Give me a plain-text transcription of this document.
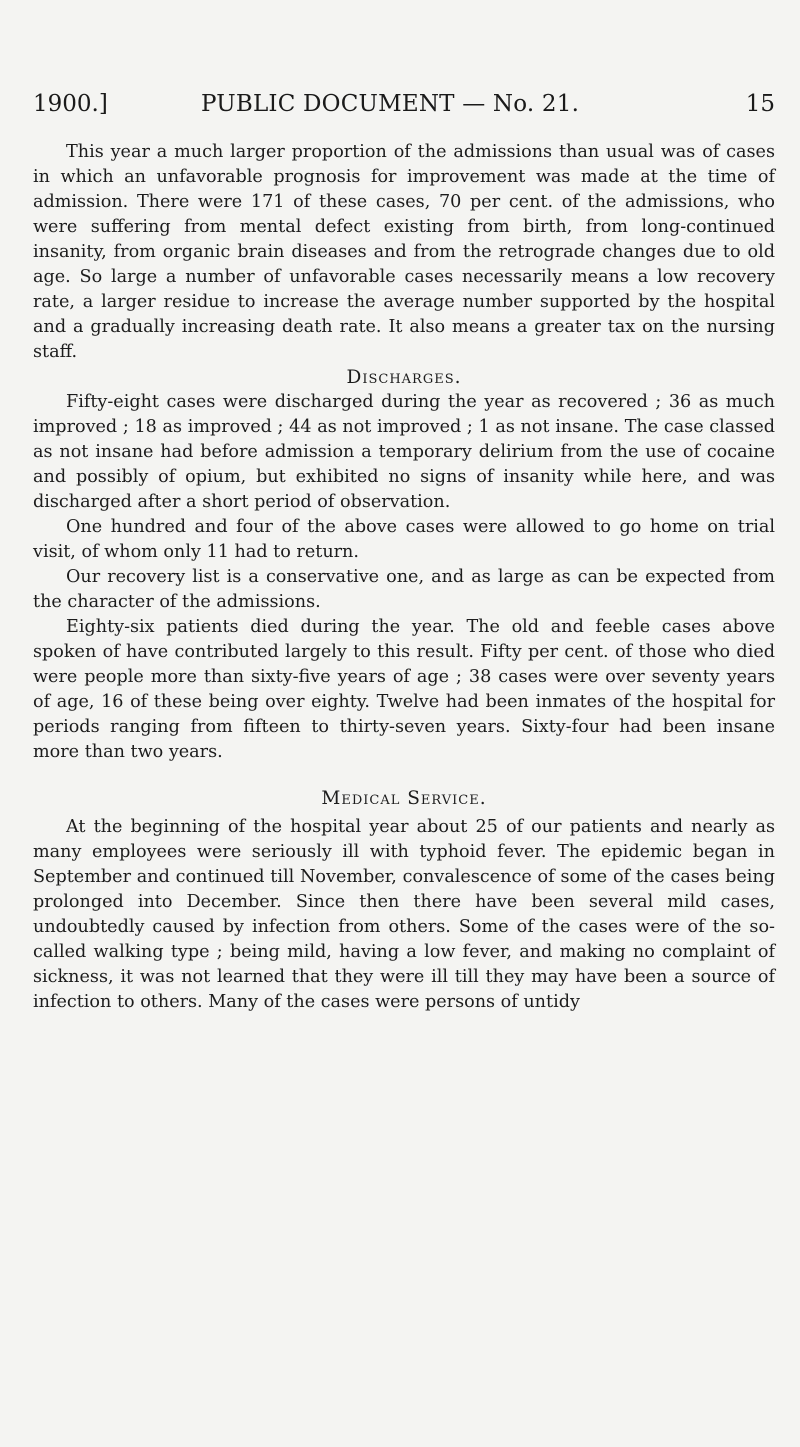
1900.]	PUBLIC DOCUMENT — No. 21.	15

This year a much larger proportion of the admissions than usual was of cases in which an unfavorable prognosis for improvement was made at the time of admission. There were 171 of these cases, 70 per cent. of the admissions, who were suffering from mental defect existing from birth, from long-continued insanity, from organic brain diseases and from the retrograde changes due to old age. So large a number of unfavorable cases necessarily means a low recovery rate, a larger residue to increase the average number supported by the hospital and a gradually increasing death rate. It also means a greater tax on the nursing staff.

Discharges.

Fifty-eight cases were discharged during the year as recovered ; 36 as much improved ; 18 as improved ; 44 as not improved ; 1 as not insane. The case classed as not insane had before admission a temporary delirium from the use of cocaine and possibly of opium, but exhibited no signs of insanity while here, and was discharged after a short period of observation.

One hundred and four of the above cases were allowed to go home on trial visit, of whom only 11 had to return.

Our recovery list is a conservative one, and as large as can be expected from the character of the admissions.

Eighty-six patients died during the year. The old and feeble cases above spoken of have contributed largely to this result. Fifty per cent. of those who died were people more than sixty-five years of age ; 38 cases were over seventy years of age, 16 of these being over eighty. Twelve had been inmates of the hospital for periods ranging from fifteen to thirty-seven years. Sixty-four had been insane more than two years.

Medical Service.

At the beginning of the hospital year about 25 of our patients and nearly as many employees were seriously ill with typhoid fever. The epidemic began in September and continued till November, convalescence of some of the cases being prolonged into December. Since then there have been several mild cases, undoubtedly caused by infection from others. Some of the cases were of the so-called walking type ; being mild, having a low fever, and making no complaint of sickness, it was not learned that they were ill till they may have been a source of infection to others. Many of the cases were persons of untidy
